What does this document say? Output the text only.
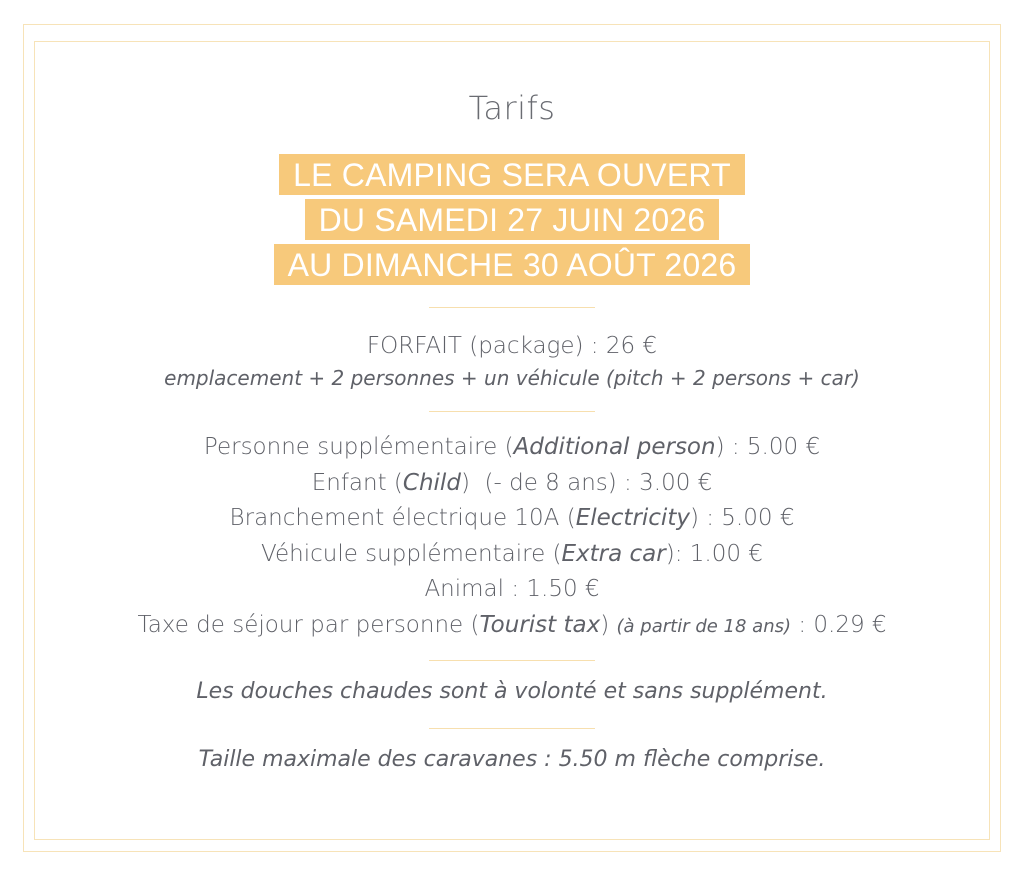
Tarifs
LE CAMPING SERA OUVERT
DU SAMEDI 27 JUIN 2026
AU DIMANCHE 30 AOÛT 2026
FORFAIT (package) : 26 €
emplacement + 2 personnes + un véhicule (pitch + 2 persons + car)
Personne supplémentaire (Additional person) : 5.00 €
Enfant (Child)  (- de 8 ans) : 3.00 €
Branchement électrique 10A (Electricity) : 5.00 €
Véhicule supplémentaire (Extra car): 1.00 €
Animal : 1.50 €
Taxe de séjour par personne (Tourist tax) (à partir de 18 ans) : 0.29 €
Les douches chaudes sont à volonté et sans supplément.
Taille maximale des caravanes : 5.50 m flèche comprise.
